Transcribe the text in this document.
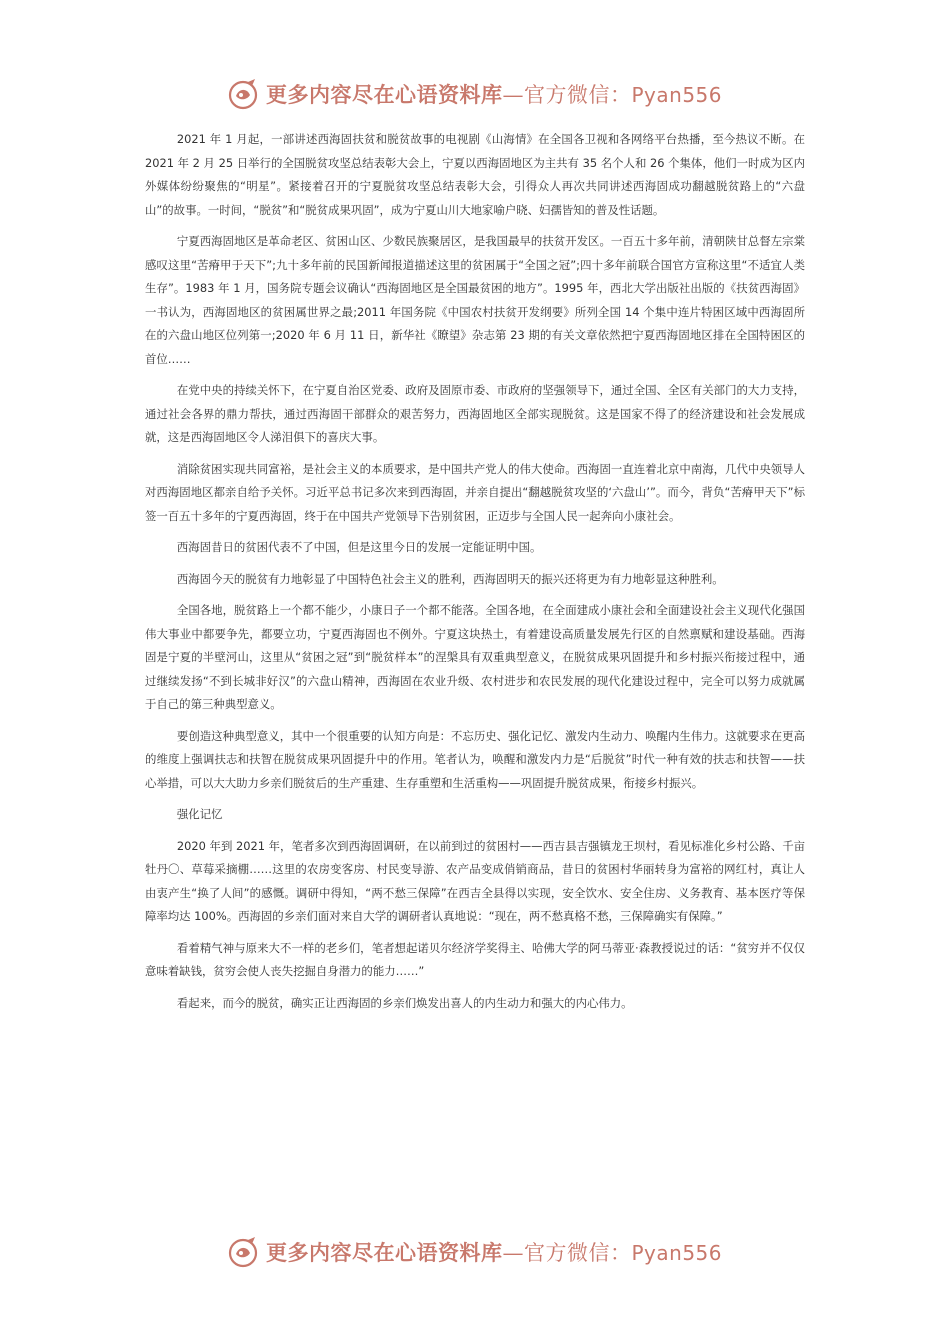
更多内容尽在心语资料库—官方微信：Pyan556

2021 年 1 月起，一部讲述西海固扶贫和脱贫故事的电视剧《山海情》在全国各卫视和各网络平台热播，至今热议不断。在 2021 年 2 月 25 日举行的全国脱贫攻坚总结表彰大会上，宁夏以西海固地区为主共有 35 名个人和 26 个集体，他们一时成为区内外媒体纷纷聚焦的“明星”。紧接着召开的宁夏脱贫攻坚总结表彰大会，引得众人再次共同讲述西海固成功翻越脱贫路上的“六盘山”的故事。一时间，“脱贫”和“脱贫成果巩固”，成为宁夏山川大地家喻户晓、妇孺皆知的普及性话题。

宁夏西海固地区是革命老区、贫困山区、少数民族聚居区，是我国最早的扶贫开发区。一百五十多年前，清朝陕甘总督左宗棠感叹这里“苦瘠甲于天下”;九十多年前的民国新闻报道描述这里的贫困属于“全国之冠”;四十多年前联合国官方宣称这里“不适宜人类生存”。1983 年 1 月，国务院专题会议确认“西海固地区是全国最贫困的地方”。1995 年，西北大学出版社出版的《扶贫西海固》一书认为，西海固地区的贫困属世界之最;2011 年国务院《中国农村扶贫开发纲要》所列全国 14 个集中连片特困区域中西海固所在的六盘山地区位列第一;2020 年 6 月 11 日，新华社《瞭望》杂志第 23 期的有关文章依然把宁夏西海固地区排在全国特困区的首位……

在党中央的持续关怀下，在宁夏自治区党委、政府及固原市委、市政府的坚强领导下，通过全国、全区有关部门的大力支持，通过社会各界的鼎力帮扶，通过西海固干部群众的艰苦努力，西海固地区全部实现脱贫。这是国家不得了的经济建设和社会发展成就，这是西海固地区令人涕泪俱下的喜庆大事。

消除贫困实现共同富裕，是社会主义的本质要求，是中国共产党人的伟大使命。西海固一直连着北京中南海，几代中央领导人对西海固地区都亲自给予关怀。习近平总书记多次来到西海固，并亲自提出“翻越脱贫攻坚的‘六盘山’”。而今，背负“苦瘠甲天下”标签一百五十多年的宁夏西海固，终于在中国共产党领导下告别贫困，正迈步与全国人民一起奔向小康社会。

西海固昔日的贫困代表不了中国，但是这里今日的发展一定能证明中国。

西海固今天的脱贫有力地彰显了中国特色社会主义的胜利，西海固明天的振兴还将更为有力地彰显这种胜利。

全国各地，脱贫路上一个都不能少，小康日子一个都不能落。全国各地，在全面建成小康社会和全面建设社会主义现代化强国伟大事业中都要争先，都要立功，宁夏西海固也不例外。宁夏这块热土，有着建设高质量发展先行区的自然禀赋和建设基础。西海固是宁夏的半壁河山，这里从“贫困之冠”到“脱贫样本”的涅槃具有双重典型意义，在脱贫成果巩固提升和乡村振兴衔接过程中，通过继续发扬“不到长城非好汉”的六盘山精神，西海固在农业升级、农村进步和农民发展的现代化建设过程中，完全可以努力成就属于自己的第三种典型意义。

要创造这种典型意义，其中一个很重要的认知方向是：不忘历史、强化记忆、激发内生动力、唤醒内生伟力。这就要求在更高的维度上强调扶志和扶智在脱贫成果巩固提升中的作用。笔者认为，唤醒和激发内力是“后脱贫”时代一种有效的扶志和扶智——扶心举措，可以大大助力乡亲们脱贫后的生产重建、生存重塑和生活重构——巩固提升脱贫成果，衔接乡村振兴。

强化记忆

2020 年到 2021 年，笔者多次到西海固调研，在以前到过的贫困村——西吉县吉强镇龙王坝村，看见标准化乡村公路、千亩牡丹〇、草莓采摘棚……这里的农房变客房、村民变导游、农产品变成俏销商品，昔日的贫困村华丽转身为富裕的网红村，真让人由衷产生“换了人间”的感慨。调研中得知，“两不愁三保障”在西吉全县得以实现，安全饮水、安全住房、义务教育、基本医疗等保障率均达 100%。西海固的乡亲们面对来自大学的调研者认真地说：“现在，两不愁真格不愁，三保障确实有保障。”

看着精气神与原来大不一样的老乡们，笔者想起诺贝尔经济学奖得主、哈佛大学的阿马蒂亚·森教授说过的话：“贫穷并不仅仅意味着缺钱，贫穷会使人丧失挖掘自身潜力的能力……”

看起来，而今的脱贫，确实正让西海固的乡亲们焕发出喜人的内生动力和强大的内心伟力。

更多内容尽在心语资料库—官方微信：Pyan556
